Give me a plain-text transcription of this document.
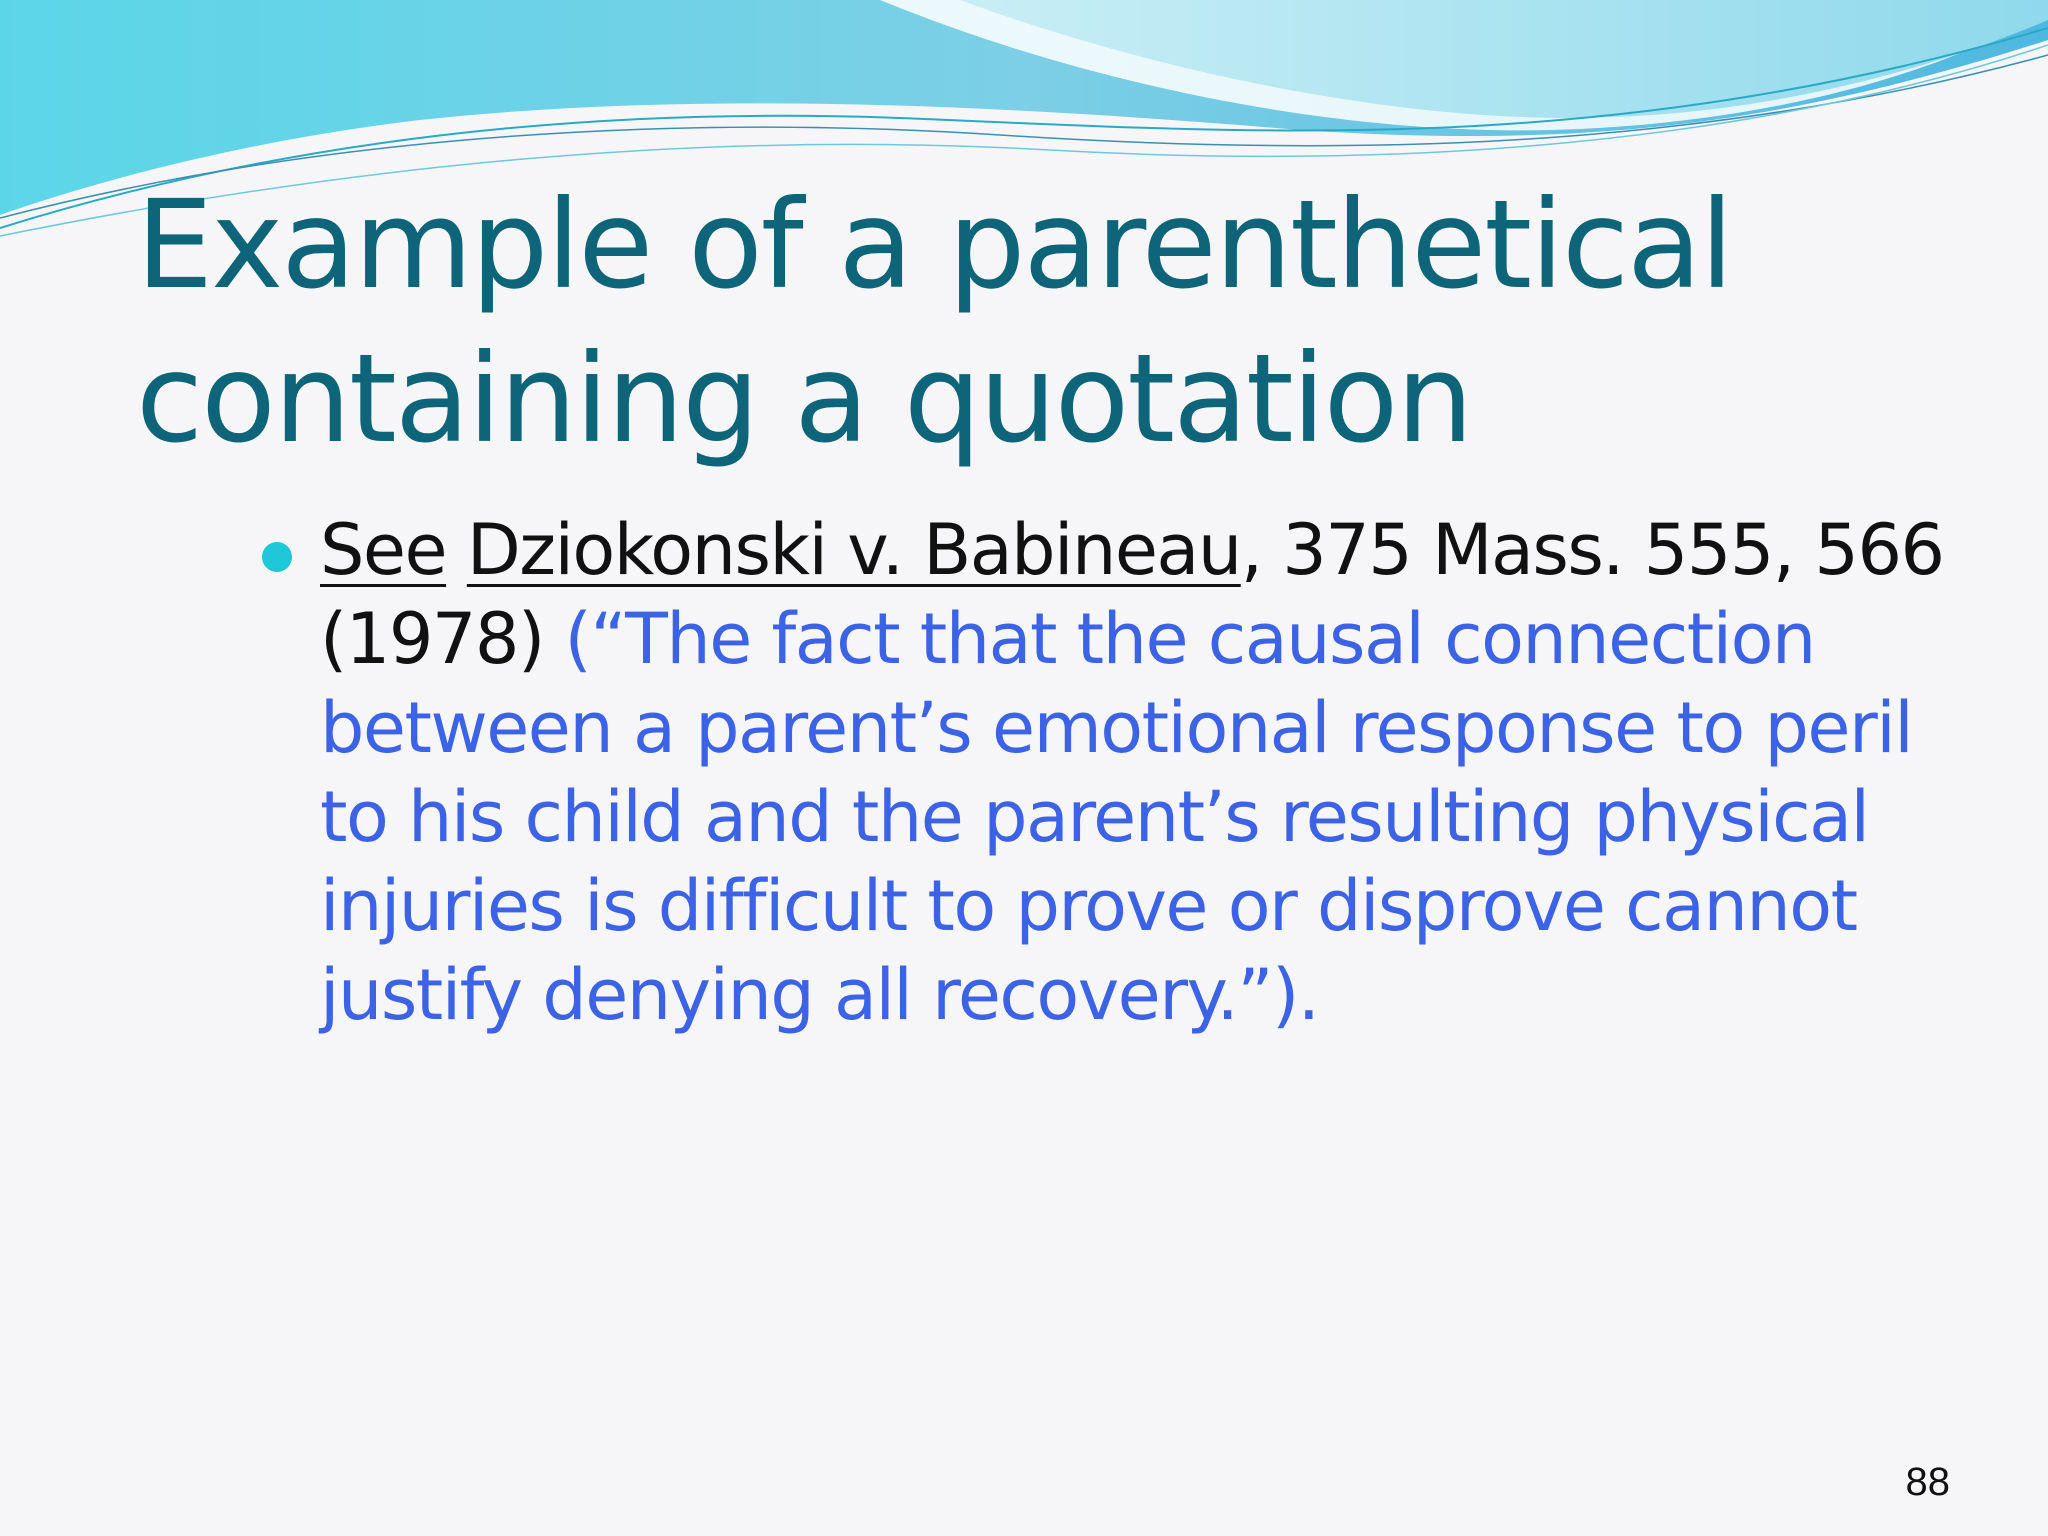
Example of a parenthetical
containing a quotation

See Dziokonski v. Babineau, 375 Mass. 555, 566
(1978) (“The fact that the causal connection
between a parent’s emotional response to peril
to his child and the parent’s resulting physical
injuries is difficult to prove or disprove cannot
justify denying all recovery.”).

88
